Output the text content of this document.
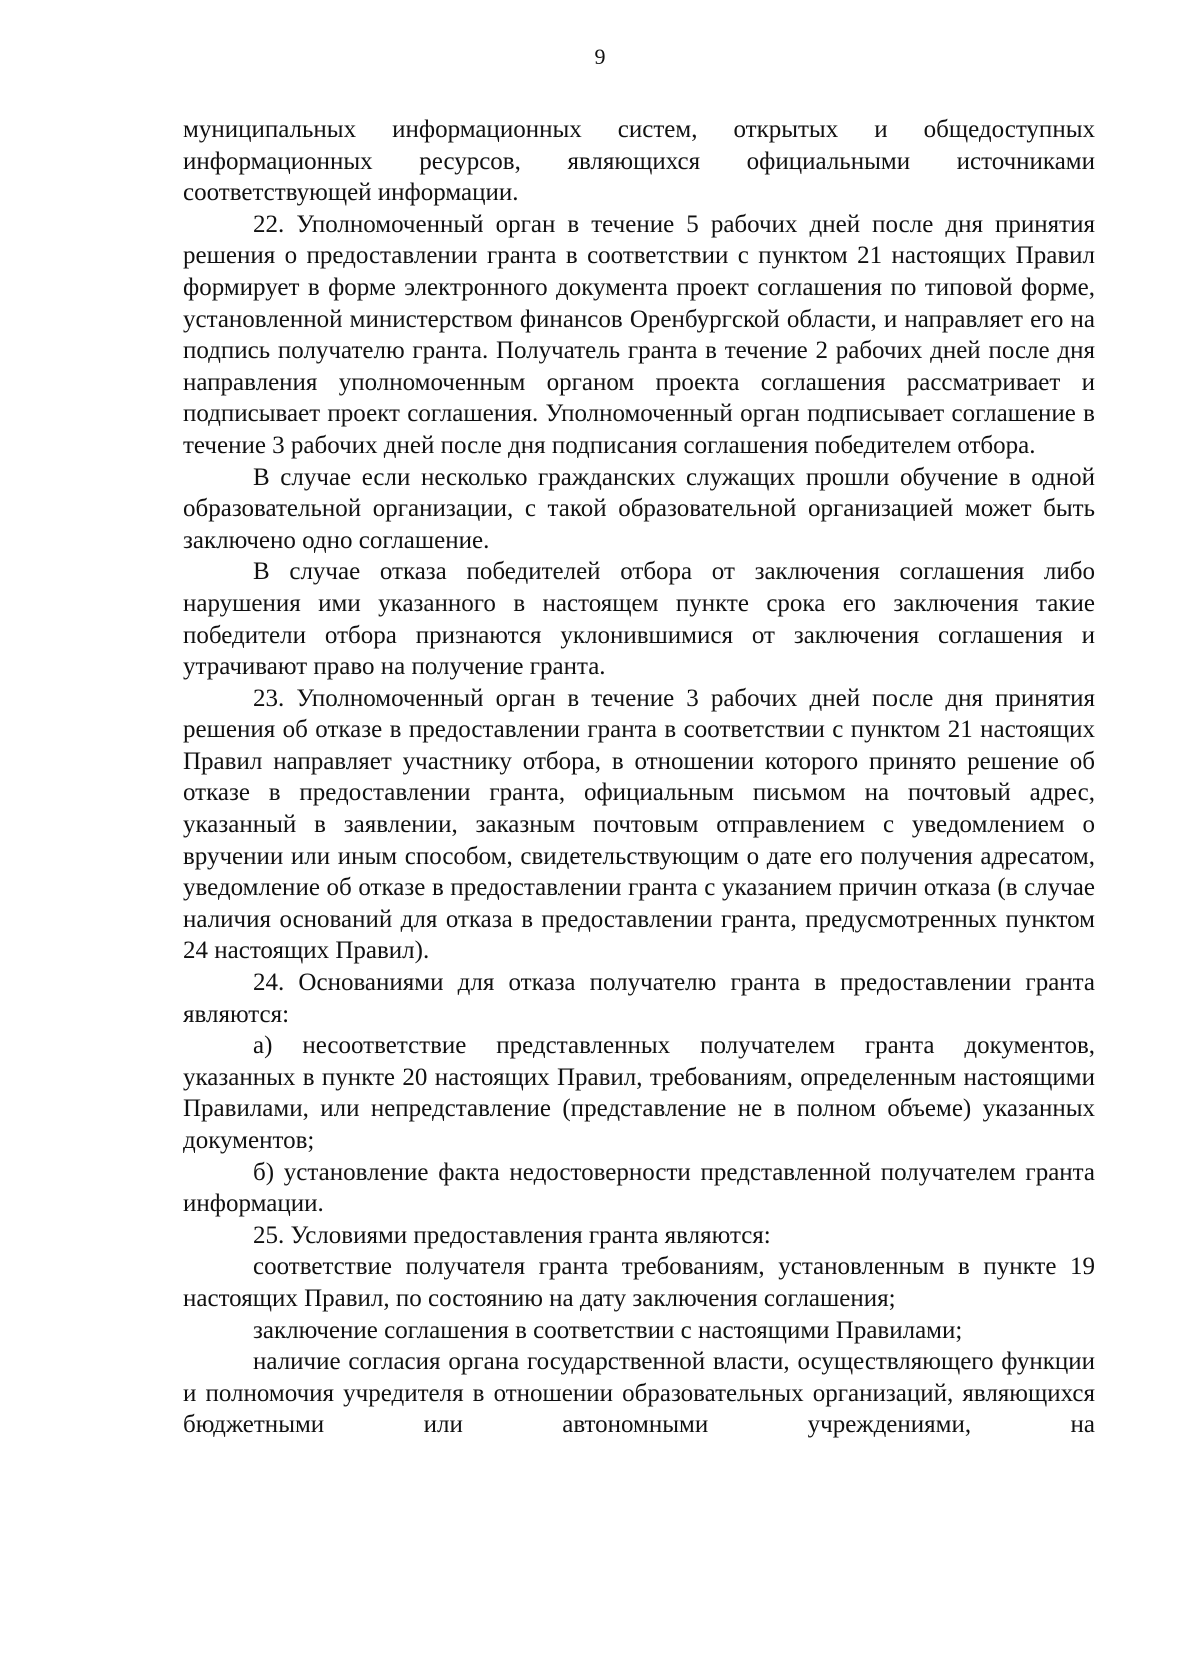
9

муниципальных информационных систем, открытых и общедоступных информационных ресурсов, являющихся официальными источниками соответствующей информации.

22. Уполномоченный орган в течение 5 рабочих дней после дня принятия решения о предоставлении гранта в соответствии с пунктом 21 настоящих Правил формирует в форме электронного документа проект соглашения по типовой форме, установленной министерством финансов Оренбургской области, и направляет его на подпись получателю гранта. Получатель гранта в течение 2 рабочих дней после дня направления уполномоченным органом проекта соглашения рассматривает и подписывает проект соглашения. Уполномоченный орган подписывает соглашение в течение 3 рабочих дней после дня подписания соглашения победителем отбора.

В случае если несколько гражданских служащих прошли обучение в одной образовательной организации, с такой образовательной организацией может быть заключено одно соглашение.

В случае отказа победителей отбора от заключения соглашения либо нарушения ими указанного в настоящем пункте срока его заключения такие победители отбора признаются уклонившимися от заключения соглашения и утрачивают право на получение гранта.

23. Уполномоченный орган в течение 3 рабочих дней после дня принятия решения об отказе в предоставлении гранта в соответствии с пунктом 21 настоящих Правил направляет участнику отбора, в отношении которого принято решение об отказе в предоставлении гранта, официальным письмом на почтовый адрес, указанный в заявлении, заказным почтовым отправлением с уведомлением о вручении или иным способом, свидетельствующим о дате его получения адресатом, уведомление об отказе в предоставлении гранта с указанием причин отказа (в случае наличия оснований для отказа в предоставлении гранта, предусмотренных пунктом 24 настоящих Правил).

24. Основаниями для отказа получателю гранта в предоставлении гранта являются:

а) несоответствие представленных получателем гранта документов, указанных в пункте 20 настоящих Правил, требованиям, определенным настоящими Правилами, или непредставление (представление не в полном объеме) указанных документов;

б) установление факта недостоверности представленной получателем гранта информации.

25. Условиями предоставления гранта являются:

соответствие получателя гранта требованиям, установленным в пункте 19 настоящих Правил, по состоянию на дату заключения соглашения;

заключение соглашения в соответствии с настоящими Правилами;

наличие согласия органа государственной власти, осуществляющего функции и полномочия учредителя в отношении образовательных организаций, являющихся бюджетными или автономными учреждениями, на
